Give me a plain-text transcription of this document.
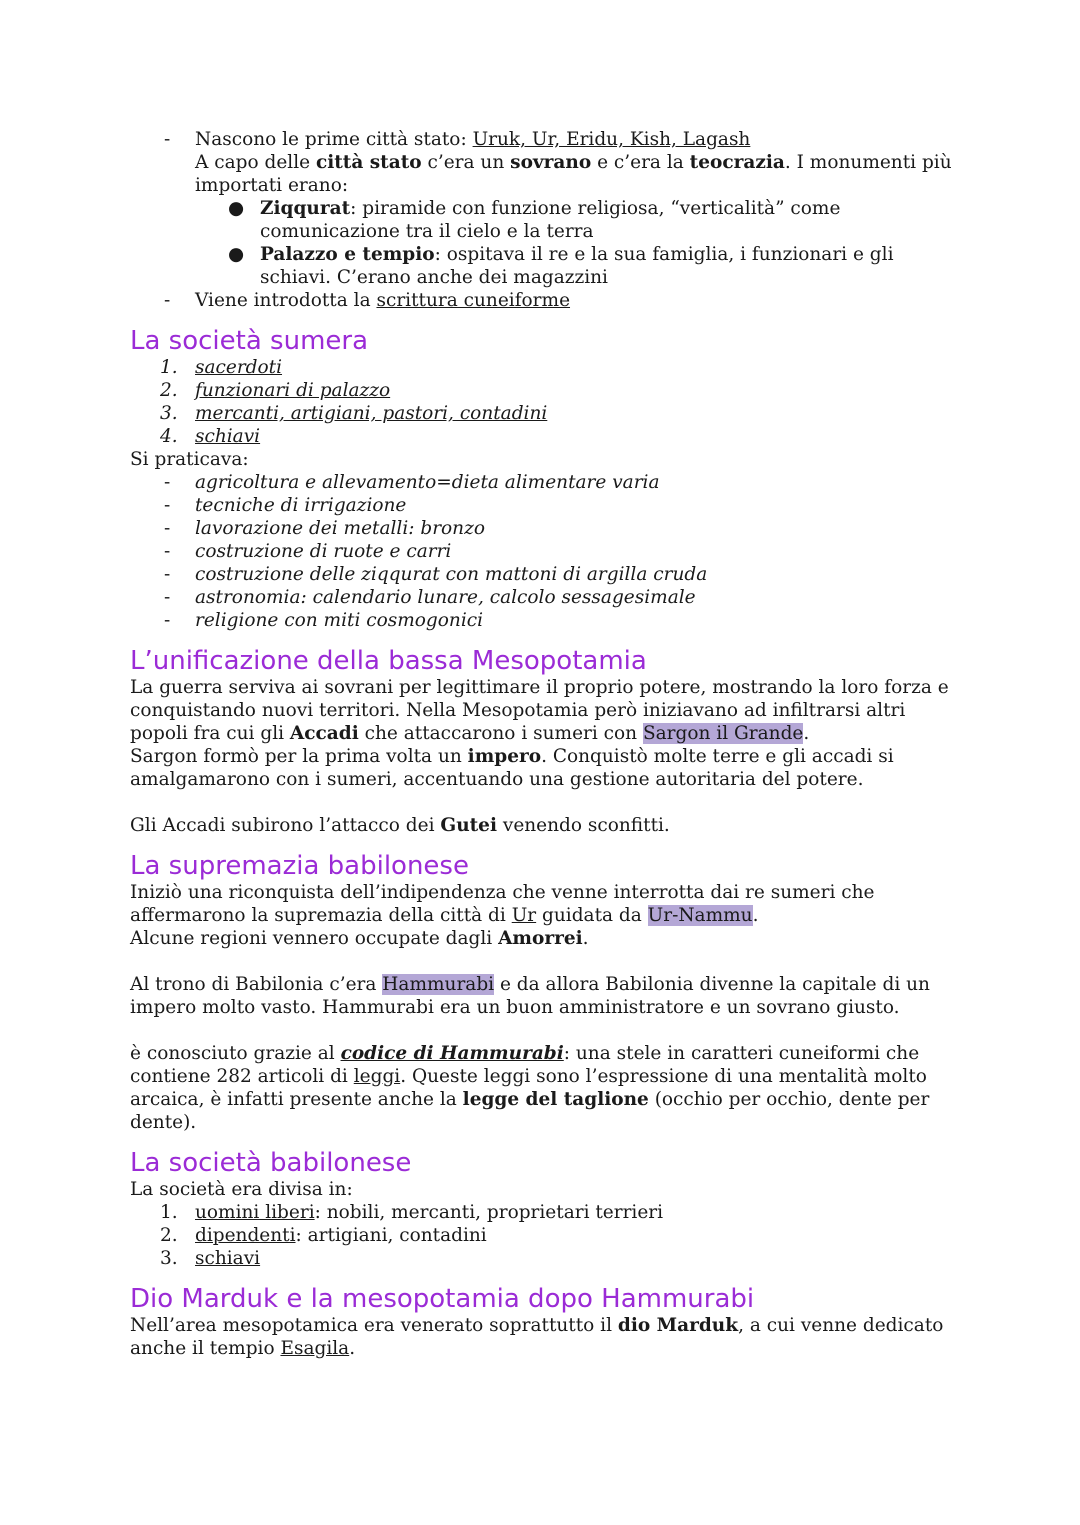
- Nascono le prime città stato: Uruk, Ur, Eridu, Kish, Lagash

A capo delle città stato c’era un sovrano e c’era la teocrazia. I monumenti più importati erano:

● Ziqqurat: piramide con funzione religiosa, “verticalità” come comunicazione tra il cielo e la terra

● Palazzo e tempio: ospitava il re e la sua famiglia, i funzionari e gli schiavi. C’erano anche dei magazzini

- Viene introdotta la scrittura cuneiforme

La società sumera
1. sacerdoti
2. funzionari di palazzo
3. mercanti, artigiani, pastori, contadini
4. schiavi

Si praticava:

- agricoltura e allevamento=dieta alimentare varia
- tecniche di irrigazione
- lavorazione dei metalli: bronzo
- costruzione di ruote e carri
- costruzione delle ziqqurat con mattoni di argilla cruda
- astronomia: calendario lunare, calcolo sessagesimale
- religione con miti cosmogonici
L’unificazione della bassa Mesopotamia

La guerra serviva ai sovrani per legittimare il proprio potere, mostrando la loro forza e conquistando nuovi territori. Nella Mesopotamia però iniziavano ad infiltrarsi altri popoli fra cui gli Accadi che attaccarono i sumeri con Sargon il Grande.

Sargon formò per la prima volta un impero. Conquistò molte terre e gli accadi si amalgamarono con i sumeri, accentuando una gestione autoritaria del potere.

Gli Accadi subirono l’attacco dei Gutei venendo sconfitti.

La supremazia babilonese

Iniziò una riconquista dell’indipendenza che venne interrotta dai re sumeri che affermarono la supremazia della città di Ur guidata da Ur-Nammu.

Alcune regioni vennero occupate dagli Amorrei.

Al trono di Babilonia c’era Hammurabi e da allora Babilonia divenne la capitale di un impero molto vasto. Hammurabi era un buon amministratore e un sovrano giusto.

è conosciuto grazie al codice di Hammurabi: una stele in caratteri cuneiformi che contiene 282 articoli di leggi. Queste leggi sono l’espressione di una mentalità molto arcaica, è infatti presente anche la legge del taglione (occhio per occhio, dente per dente).

La società babilonese

La società era divisa in:

1. uomini liberi: nobili, mercanti, proprietari terrieri
2. dipendenti: artigiani, contadini
3. schiavi
Dio Marduk e la mesopotamia dopo Hammurabi

Nell’area mesopotamica era venerato soprattutto il dio Marduk, a cui venne dedicato anche il tempio Esagila.
